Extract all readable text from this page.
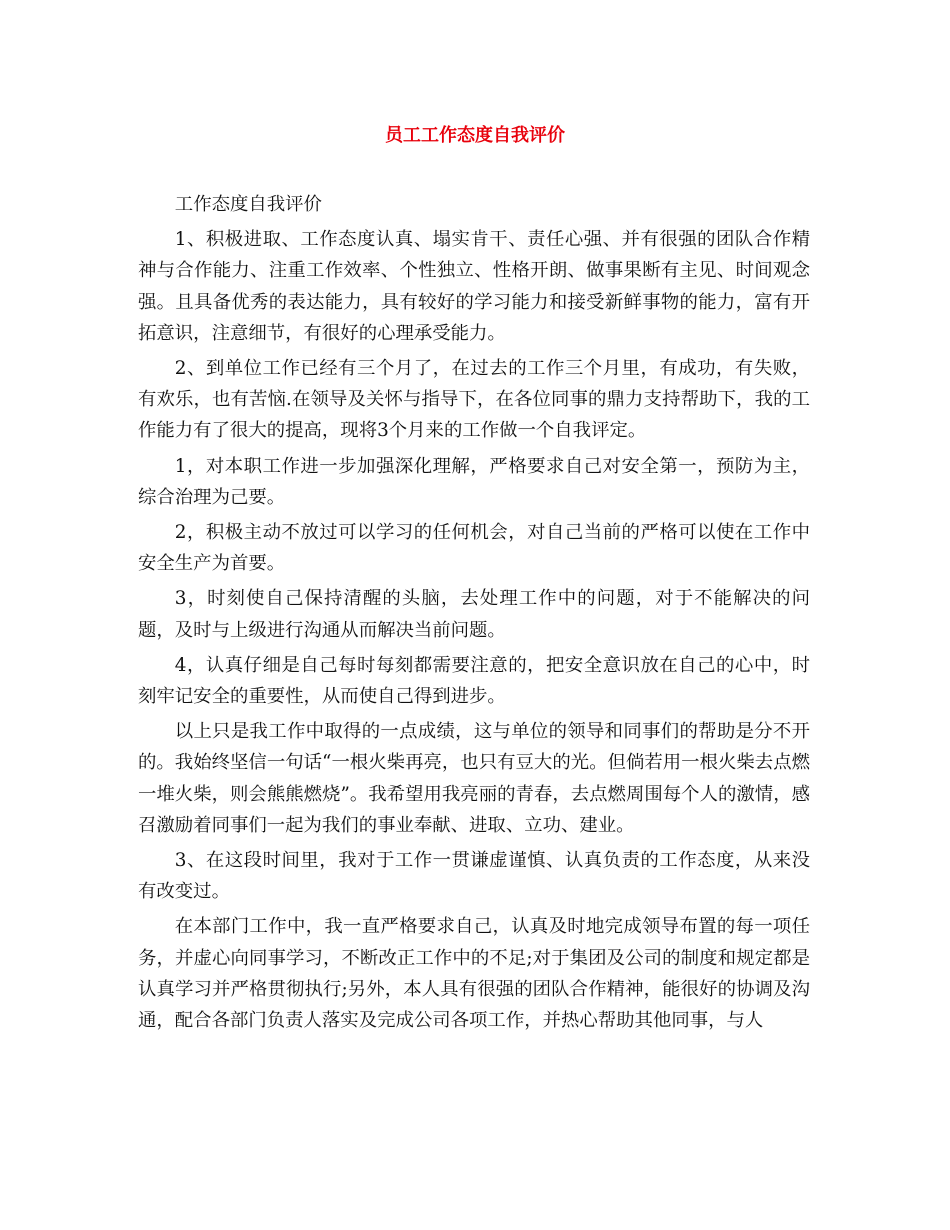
员工工作态度自我评价

工作态度自我评价

1、积极进取、工作态度认真、塌实肯干、责任心强、并有很强的团队合作精神与合作能力、注重工作效率、个性独立、性格开朗、做事果断有主见、时间观念强。且具备优秀的表达能力，具有较好的学习能力和接受新鲜事物的能力，富有开拓意识，注意细节，有很好的心理承受能力。

2、到单位工作已经有三个月了，在过去的工作三个月里，有成功，有失败，有欢乐，也有苦恼.在领导及关怀与指导下，在各位同事的鼎力支持帮助下，我的工作能力有了很大的提高，现将3个月来的工作做一个自我评定。

1，对本职工作进一步加强深化理解，严格要求自己对安全第一，预防为主，综合治理为己要。

2，积极主动不放过可以学习的任何机会，对自己当前的严格可以使在工作中安全生产为首要。

3，时刻使自己保持清醒的头脑，去处理工作中的问题，对于不能解决的问题，及时与上级进行沟通从而解决当前问题。

4，认真仔细是自己每时每刻都需要注意的，把安全意识放在自己的心中，时刻牢记安全的重要性，从而使自己得到进步。

以上只是我工作中取得的一点成绩，这与单位的领导和同事们的帮助是分不开的。我始终坚信一句话“一根火柴再亮，也只有豆大的光。但倘若用一根火柴去点燃一堆火柴，则会熊熊燃烧”。我希望用我亮丽的青春，去点燃周围每个人的激情，感召激励着同事们一起为我们的事业奉献、进取、立功、建业。

3、在这段时间里，我对于工作一贯谦虚谨慎、认真负责的工作态度，从来没有改变过。

在本部门工作中，我一直严格要求自己，认真及时地完成领导布置的每一项任务，并虚心向同事学习，不断改正工作中的不足;对于集团及公司的制度和规定都是认真学习并严格贯彻执行;另外，本人具有很强的团队合作精神，能很好的协调及沟通，配合各部门负责人落实及完成公司各项工作，并热心帮助其他同事，与人
